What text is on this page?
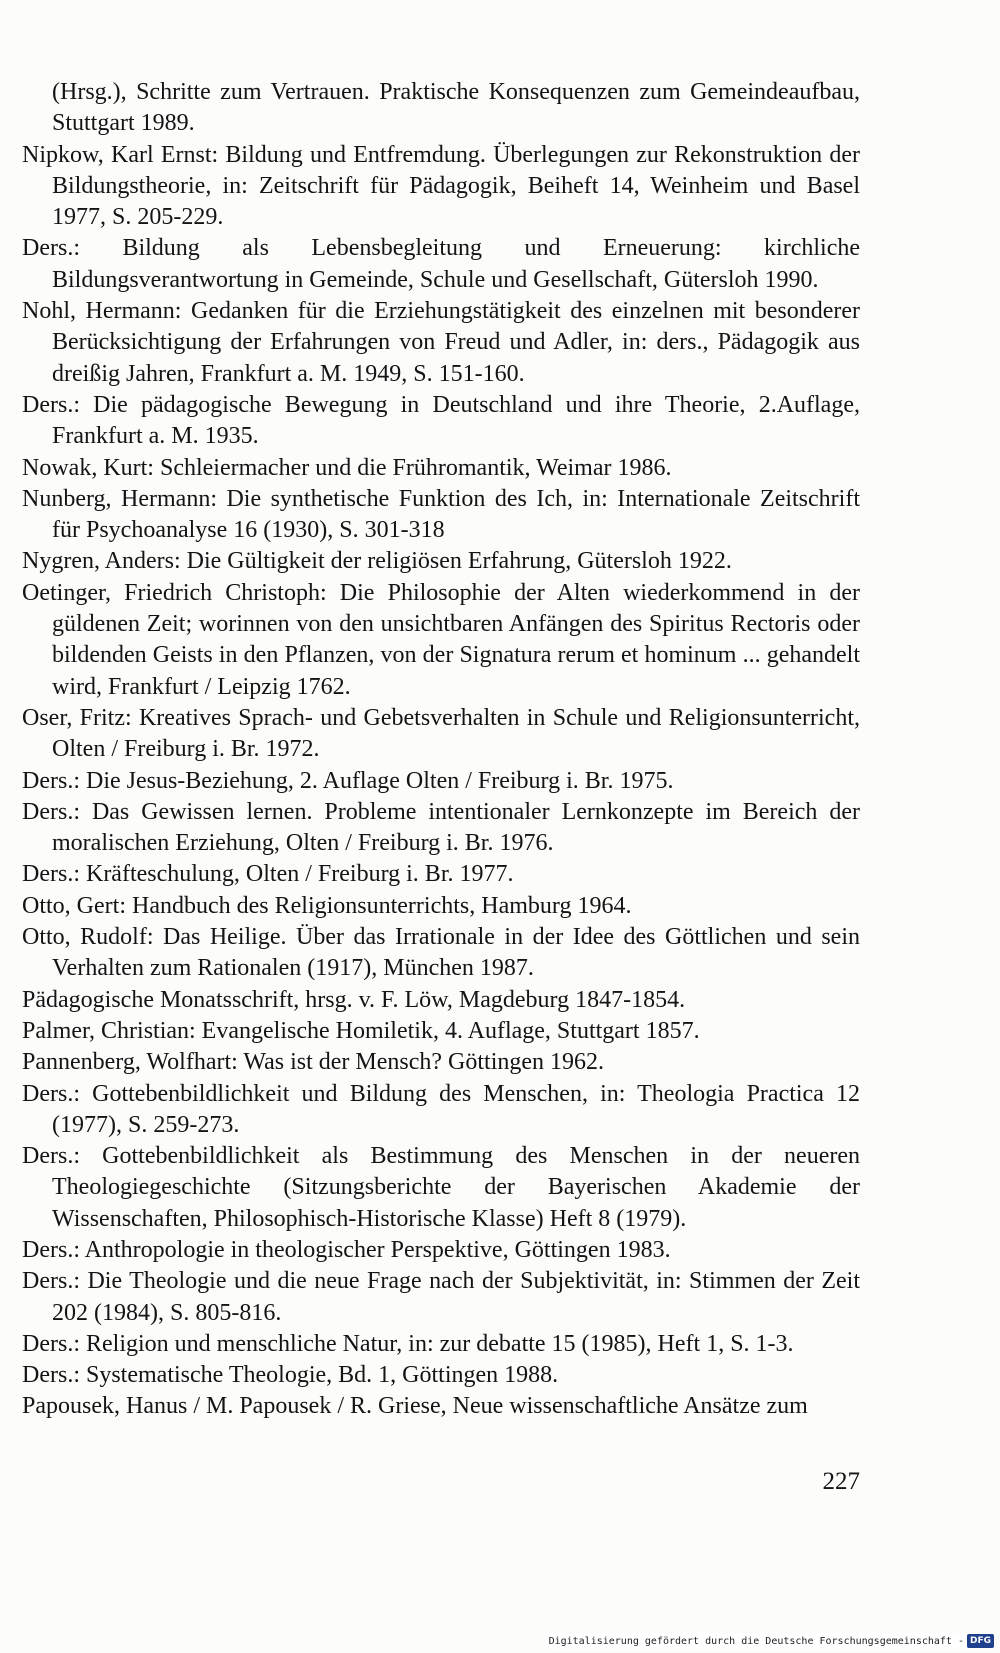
(Hrsg.), Schritte zum Vertrauen. Praktische Konsequenzen zum Gemeindeaufbau, Stuttgart 1989.
Nipkow, Karl Ernst: Bildung und Entfremdung. Überlegungen zur Rekonstruktion der Bildungstheorie, in: Zeitschrift für Pädagogik, Beiheft 14, Weinheim und Basel 1977, S. 205-229.
Ders.: Bildung als Lebensbegleitung und Erneuerung: kirchliche Bildungsverantwortung in Gemeinde, Schule und Gesellschaft, Gütersloh 1990.
Nohl, Hermann: Gedanken für die Erziehungstätigkeit des einzelnen mit besonderer Berücksichtigung der Erfahrungen von Freud und Adler, in: ders., Pädagogik aus dreißig Jahren, Frankfurt a. M. 1949, S. 151-160.
Ders.: Die pädagogische Bewegung in Deutschland und ihre Theorie, 2.Auflage, Frankfurt a. M. 1935.
Nowak, Kurt: Schleiermacher und die Frühromantik, Weimar 1986.
Nunberg, Hermann: Die synthetische Funktion des Ich, in: Internationale Zeitschrift für Psychoanalyse 16 (1930), S. 301-318
Nygren, Anders: Die Gültigkeit der religiösen Erfahrung, Gütersloh 1922.
Oetinger, Friedrich Christoph: Die Philosophie der Alten wiederkommend in der güldenen Zeit; worinnen von den unsichtbaren Anfängen des Spiritus Rectoris oder bildenden Geists in den Pflanzen, von der Signatura rerum et hominum ... gehandelt wird, Frankfurt / Leipzig 1762.
Oser, Fritz: Kreatives Sprach- und Gebetsverhalten in Schule und Religionsunterricht, Olten / Freiburg i. Br. 1972.
Ders.: Die Jesus-Beziehung, 2. Auflage Olten / Freiburg i. Br. 1975.
Ders.: Das Gewissen lernen. Probleme intentionaler Lernkonzepte im Bereich der moralischen Erziehung, Olten / Freiburg i. Br. 1976.
Ders.: Kräfteschulung, Olten / Freiburg i. Br. 1977.
Otto, Gert: Handbuch des Religionsunterrichts, Hamburg 1964.
Otto, Rudolf: Das Heilige. Über das Irrationale in der Idee des Göttlichen und sein Verhalten zum Rationalen (1917), München 1987.
Pädagogische Monatsschrift, hrsg. v. F. Löw, Magdeburg 1847-1854.
Palmer, Christian: Evangelische Homiletik, 4. Auflage, Stuttgart 1857.
Pannenberg, Wolfhart: Was ist der Mensch? Göttingen 1962.
Ders.: Gottebenbildlichkeit und Bildung des Menschen, in: Theologia Practica 12 (1977), S. 259-273.
Ders.: Gottebenbildlichkeit als Bestimmung des Menschen in der neueren Theologiegeschichte (Sitzungsberichte der Bayerischen Akademie der Wissenschaften, Philosophisch-Historische Klasse) Heft 8 (1979).
Ders.: Anthropologie in theologischer Perspektive, Göttingen 1983.
Ders.: Die Theologie und die neue Frage nach der Subjektivität, in: Stimmen der Zeit 202 (1984), S. 805-816.
Ders.: Religion und menschliche Natur, in: zur debatte 15 (1985), Heft 1, S. 1-3.
Ders.: Systematische Theologie, Bd. 1, Göttingen 1988.
Papousek, Hanus / M. Papousek / R. Griese, Neue wissenschaftliche Ansätze zum
227
Digitalisierung gefördert durch die Deutsche Forschungsgemeinschaft - DFG
